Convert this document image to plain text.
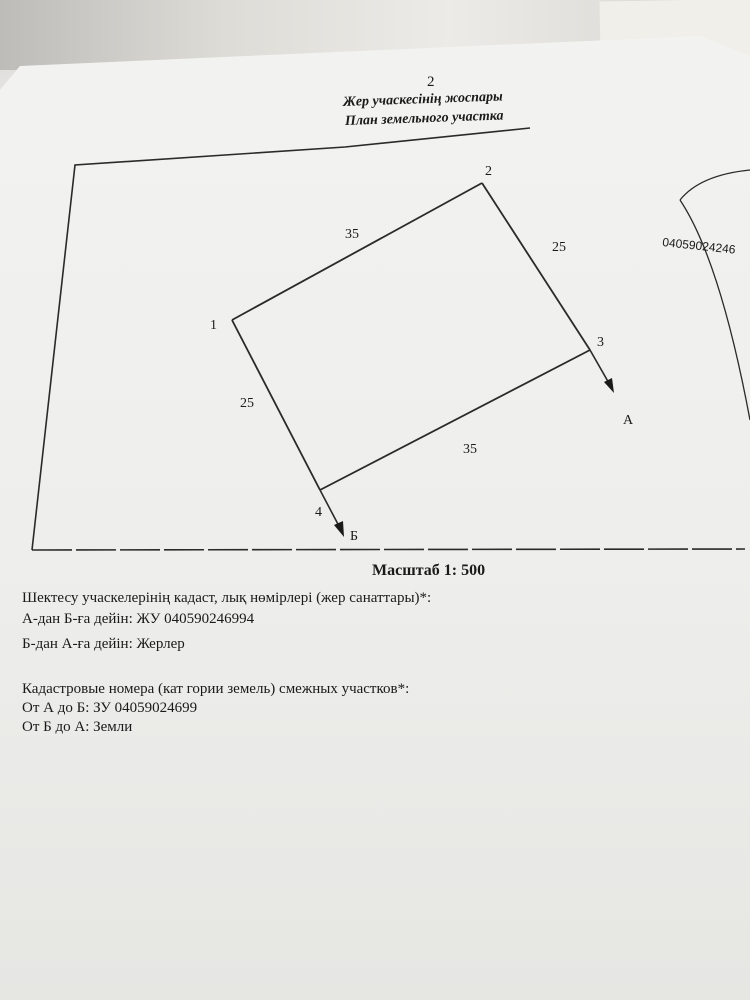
1
2
3
4
35
25
35
25
А
Б
04059024246
2
Жер учаскесінің жоспары
План земельного участка
Масштаб 1: 500
Шектесу учаскелерінің кадаст, лық нөмірлері (жер санаттары)*:
А-дан Б-ға дейін: ЖУ 040590246994
Б-дан А-ға дейін: Жерлер
Кадастровые номера (кат гории земель) смежных участков*:
От А до Б: ЗУ 04059024699
От Б до А: Земли
